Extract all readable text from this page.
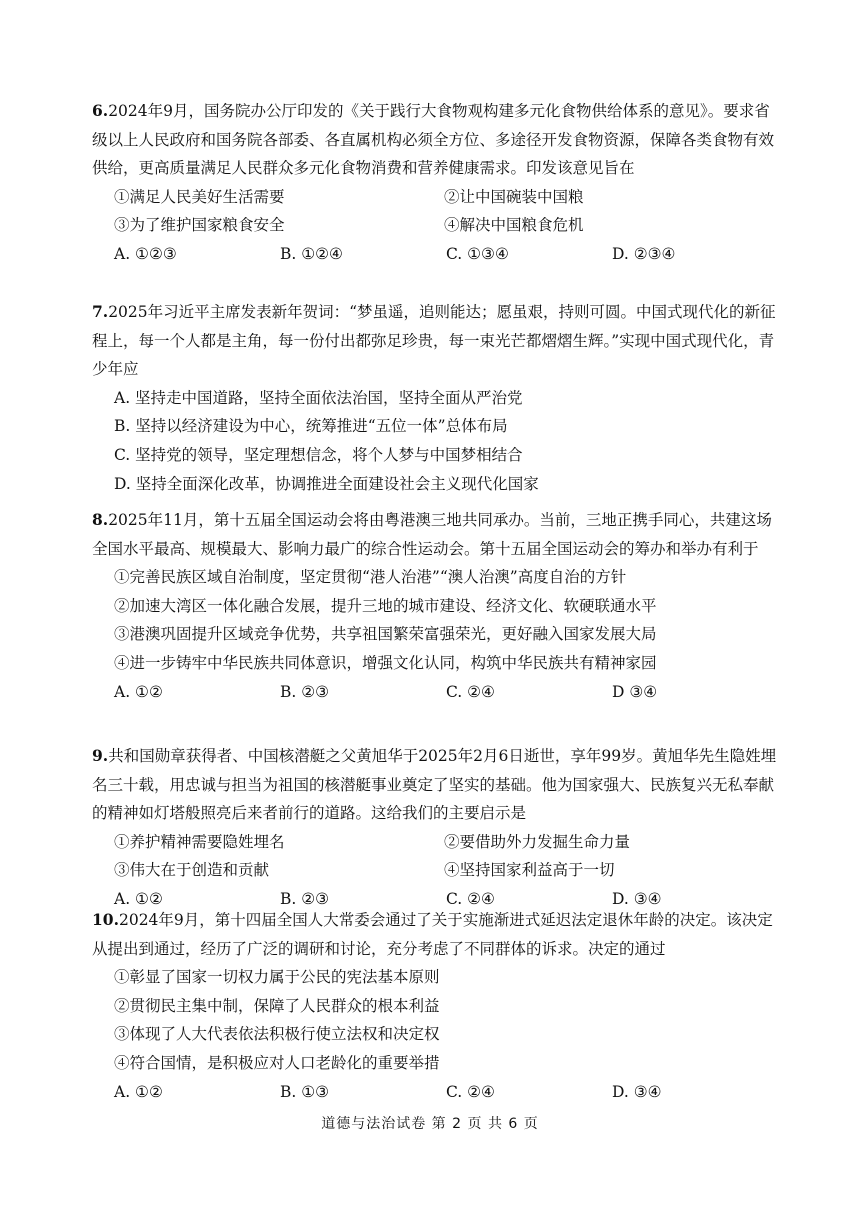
6.2024年9月，国务院办公厅印发的《关于践行大食物观构建多元化食物供给体系的意见》。要求省级以上人民政府和国务院各部委、各直属机构必须全方位、多途径开发食物资源，保障各类食物有效供给，更高质量满足人民群众多元化食物消费和营养健康需求。印发该意见旨在

①满足人民美好生活需要	②让中国碗装中国粮
③为了维护国家粮食安全	④解决中国粮食危机
A. ①②③	B. ①②④	C. ①③④	D. ②③④

7.2025年习近平主席发表新年贺词：“梦虽遥，追则能达；愿虽艰，持则可圆。中国式现代化的新征程上，每一个人都是主角，每一份付出都弥足珍贵，每一束光芒都熠熠生辉。”实现中国式现代化，青少年应

A. 坚持走中国道路，坚持全面依法治国，坚持全面从严治党
B. 坚持以经济建设为中心，统筹推进“五位一体”总体布局
C. 坚持党的领导，坚定理想信念，将个人梦与中国梦相结合
D. 坚持全面深化改革，协调推进全面建设社会主义现代化国家

8.2025年11月，第十五届全国运动会将由粤港澳三地共同承办。当前，三地正携手同心，共建这场全国水平最高、规模最大、影响力最广的综合性运动会。第十五届全国运动会的筹办和举办有利于

①完善民族区域自治制度，坚定贯彻“港人治港”“澳人治澳”高度自治的方针
②加速大湾区一体化融合发展，提升三地的城市建设、经济文化、软硬联通水平
③港澳巩固提升区域竞争优势，共享祖国繁荣富强荣光，更好融入国家发展大局
④进一步铸牢中华民族共同体意识，增强文化认同，构筑中华民族共有精神家园
A. ①②	B. ②③	C. ②④	D ③④

9.共和国勋章获得者、中国核潜艇之父黄旭华于2025年2月6日逝世，享年99岁。黄旭华先生隐姓埋名三十载，用忠诚与担当为祖国的核潜艇事业奠定了坚实的基础。他为国家强大、民族复兴无私奉献的精神如灯塔般照亮后来者前行的道路。这给我们的主要启示是

①养护精神需要隐姓埋名	②要借助外力发掘生命力量
③伟大在于创造和贡献	④坚持国家利益高于一切
A. ①②	B. ②③	C. ②④	D. ③④

10.2024年9月，第十四届全国人大常委会通过了关于实施渐进式延迟法定退休年龄的决定。该决定从提出到通过，经历了广泛的调研和讨论，充分考虑了不同群体的诉求。决定的通过

①彰显了国家一切权力属于公民的宪法基本原则
②贯彻民主集中制，保障了人民群众的根本利益
③体现了人大代表依法积极行使立法权和决定权
④符合国情，是积极应对人口老龄化的重要举措
A. ①②	B. ①③	C. ②④	D. ③④
道德与法治试卷 第 2 页 共 6 页
